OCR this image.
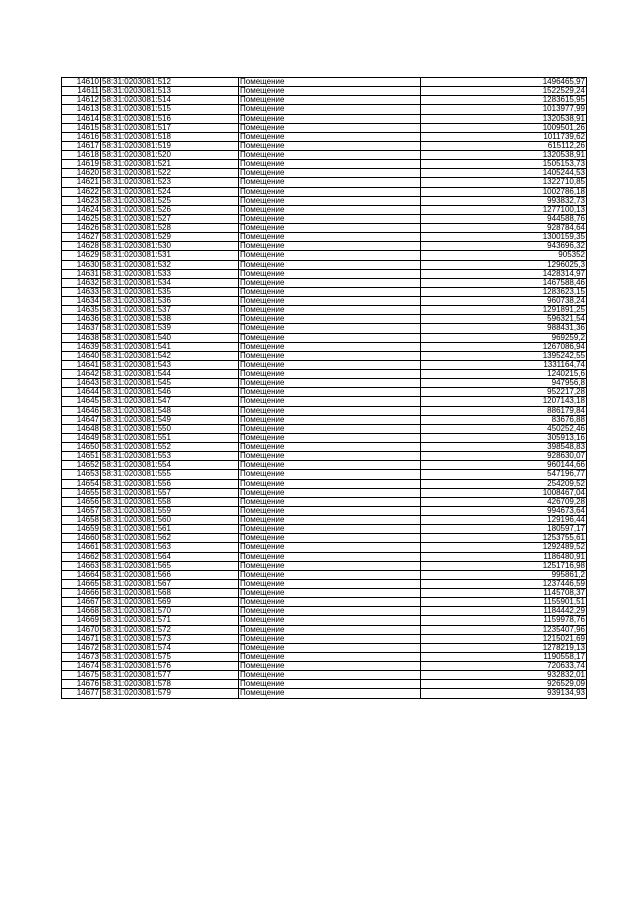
14610	58:31:0203081:512	Помещение	1496465,97
14611	58:31:0203081:513	Помещение	1522529,24
14612	58:31:0203081:514	Помещение	1283615,95
14613	58:31:0203081:515	Помещение	1013977,99
14614	58:31:0203081:516	Помещение	1320538,91
14615	58:31:0203081:517	Помещение	1009501,26
14616	58:31:0203081:518	Помещение	1011739,62
14617	58:31:0203081:519	Помещение	615112,26
14618	58:31:0203081:520	Помещение	1320538,91
14619	58:31:0203081:521	Помещение	1505153,73
14620	58:31:0203081:522	Помещение	1405244,53
14621	58:31:0203081:523	Помещение	1322710,85
14622	58:31:0203081:524	Помещение	1002786,18
14623	58:31:0203081:525	Помещение	993832,73
14624	58:31:0203081:526	Помещение	1277100,13
14625	58:31:0203081:527	Помещение	944588,76
14626	58:31:0203081:528	Помещение	928784,64
14627	58:31:0203081:529	Помещение	1300159,35
14628	58:31:0203081:530	Помещение	943696,32
14629	58:31:0203081:531	Помещение	905352
14630	58:31:0203081:532	Помещение	1296025,3
14631	58:31:0203081:533	Помещение	1428314,97
14632	58:31:0203081:534	Помещение	1467588,46
14633	58:31:0203081:535	Помещение	1283623,15
14634	58:31:0203081:536	Помещение	960738,24
14635	58:31:0203081:537	Помещение	1291891,25
14636	58:31:0203081:538	Помещение	596321,54
14637	58:31:0203081:539	Помещение	988431,36
14638	58:31:0203081:540	Помещение	969259,2
14639	58:31:0203081:541	Помещение	1267086,94
14640	58:31:0203081:542	Помещение	1395242,55
14641	58:31:0203081:543	Помещение	1331164,74
14642	58:31:0203081:544	Помещение	1240215,6
14643	58:31:0203081:545	Помещение	947956,8
14644	58:31:0203081:546	Помещение	952217,28
14645	58:31:0203081:547	Помещение	1207143,18
14646	58:31:0203081:548	Помещение	886179,84
14647	58:31:0203081:549	Помещение	83676,88
14648	58:31:0203081:550	Помещение	450252,46
14649	58:31:0203081:551	Помещение	305913,16
14650	58:31:0203081:552	Помещение	398548,83
14651	58:31:0203081:553	Помещение	928630,07
14652	58:31:0203081:554	Помещение	960144,66
14653	58:31:0203081:555	Помещение	547196,77
14654	58:31:0203081:556	Помещение	254209,52
14655	58:31:0203081:557	Помещение	1008467,04
14656	58:31:0203081:558	Помещение	426709,28
14657	58:31:0203081:559	Помещение	994673,64
14658	58:31:0203081:560	Помещение	129196,44
14659	58:31:0203081:561	Помещение	180597,17
14660	58:31:0203081:562	Помещение	1253755,61
14661	58:31:0203081:563	Помещение	1292489,52
14662	58:31:0203081:564	Помещение	1186480,91
14663	58:31:0203081:565	Помещение	1251716,98
14664	58:31:0203081:566	Помещение	995861,2
14665	58:31:0203081:567	Помещение	1237446,59
14666	58:31:0203081:568	Помещение	1145708,37
14667	58:31:0203081:569	Помещение	1155901,51
14668	58:31:0203081:570	Помещение	1184442,29
14669	58:31:0203081:571	Помещение	1159978,76
14670	58:31:0203081:572	Помещение	1235407,96
14671	58:31:0203081:573	Помещение	1215021,69
14672	58:31:0203081:574	Помещение	1278219,13
14673	58:31:0203081:575	Помещение	1190558,17
14674	58:31:0203081:576	Помещение	720633,74
14675	58:31:0203081:577	Помещение	932832,01
14676	58:31:0203081:578	Помещение	926529,09
14677	58:31:0203081:579	Помещение	939134,93
